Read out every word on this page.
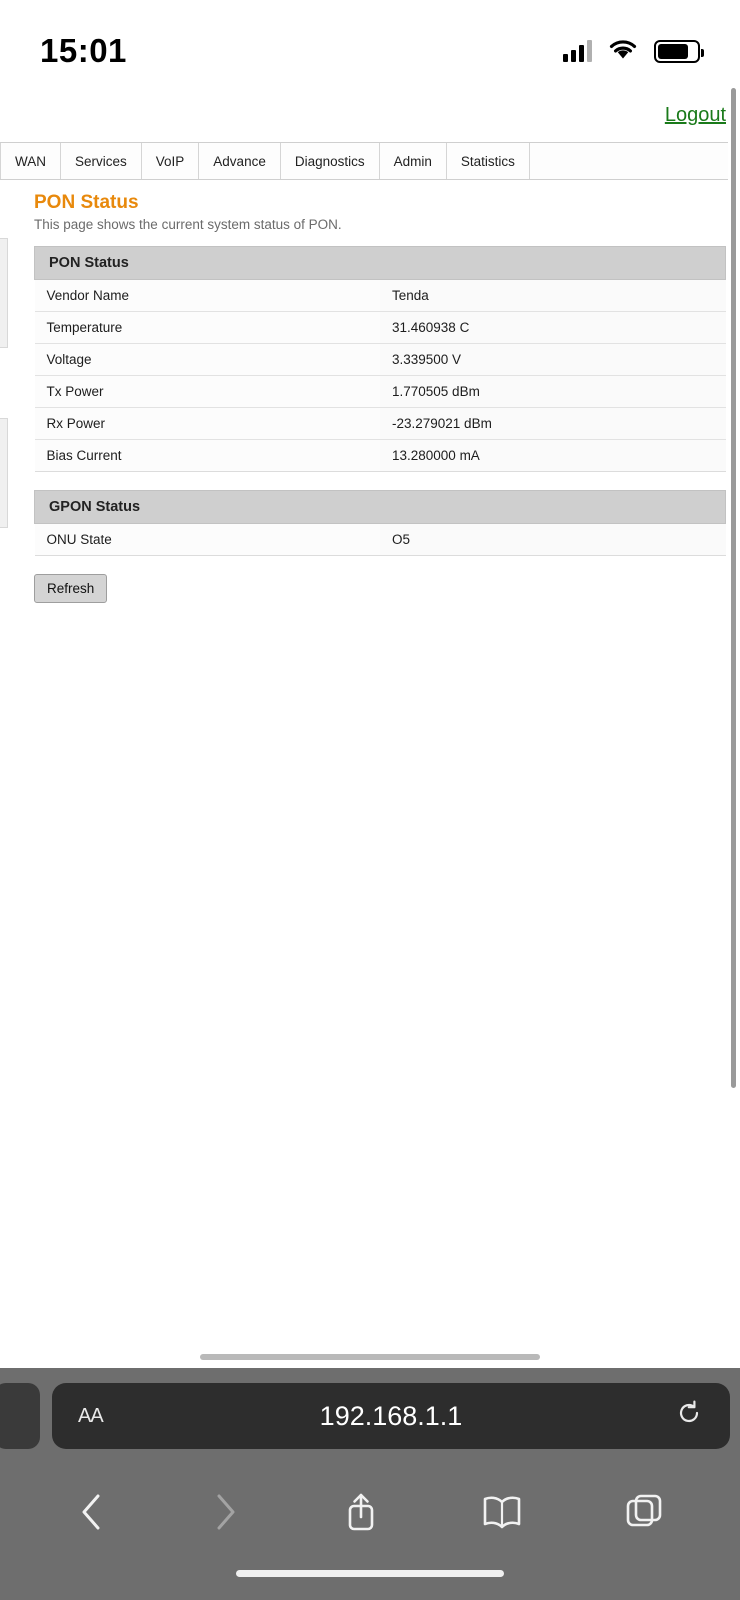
15:01
Logout
WAN	Services	VoIP	Advance	Diagnostics	Admin	Statistics
PON Status
This page shows the current system status of PON.
PON Status	
Vendor Name	Tenda
Temperature	31.460938 C
Voltage	3.339500 V
Tx Power	1.770505 dBm
Rx Power	-23.279021 dBm
Bias Current	13.280000 mA
GPON Status
ONU State	O5
Refresh
AA	192.168.1.1
